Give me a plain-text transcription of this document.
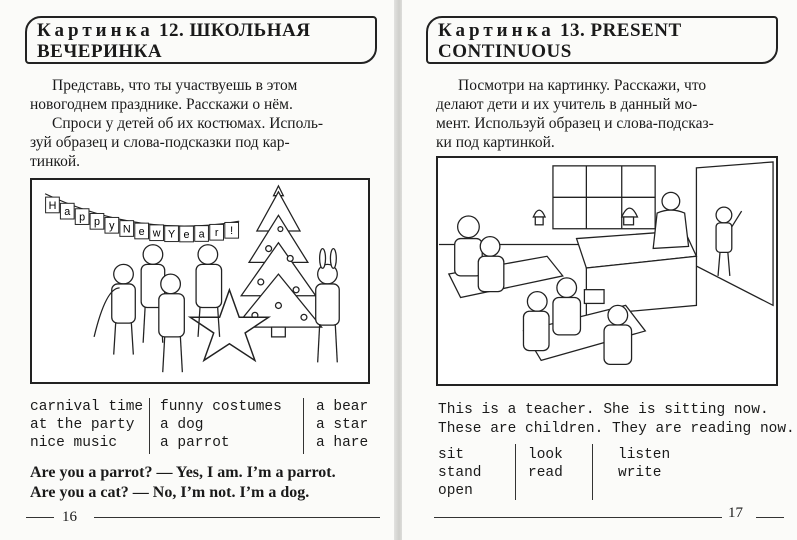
Картинка 12. ШКОЛЬНАЯ
ВЕЧЕРИНКА
Представь, что ты участвуешь в этом
новогоднем празднике. Расскажи о нём.
Спроси у детей об их костюмах. Исполь-
зуй образец и слова-подсказки под кар-
тинкой.
H
a p p y N e w Y e a r !
carnival time
at the party
nice music
funny costumes
a dog
a parrot
a bear
a star
a hare
Are you a parrot? — Yes, I am. I’m a parrot.
Are you a cat? — No, I’m not. I’m a dog.
16
Картинка 13. PRESENT
CONTINUOUS
Посмотри на картинку. Расскажи, что
делают дети и их учитель в данный мо-
мент. Используй образец и слова-подсказ-
ки под картинкой.
This is a teacher. She is sitting now.
These are children. They are reading now.
sit
stand
open
look
read
listen
write
17
